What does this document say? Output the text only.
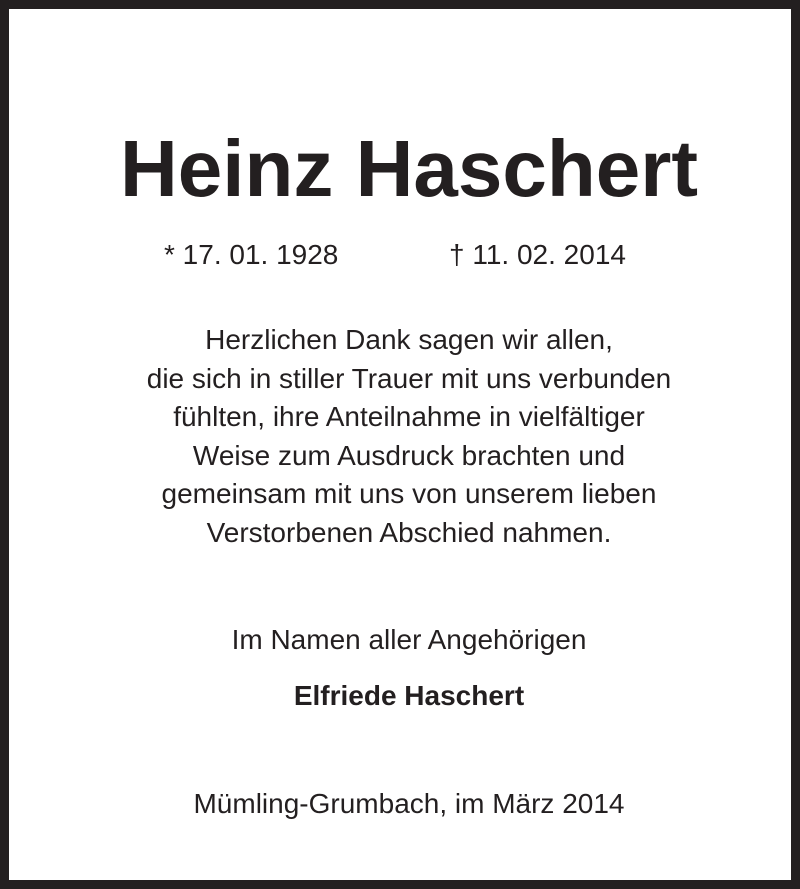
Heinz Haschert
* 17. 01. 1928	† 11. 02. 2014
Herzlichen Dank sagen wir allen,
die sich in stiller Trauer mit uns verbunden
fühlten, ihre Anteilnahme in vielfältiger
Weise zum Ausdruck brachten und
gemeinsam mit uns von unserem lieben
Verstorbenen Abschied nahmen.
Im Namen aller Angehörigen
Elfriede Haschert
Mümling-Grumbach, im März 2014
